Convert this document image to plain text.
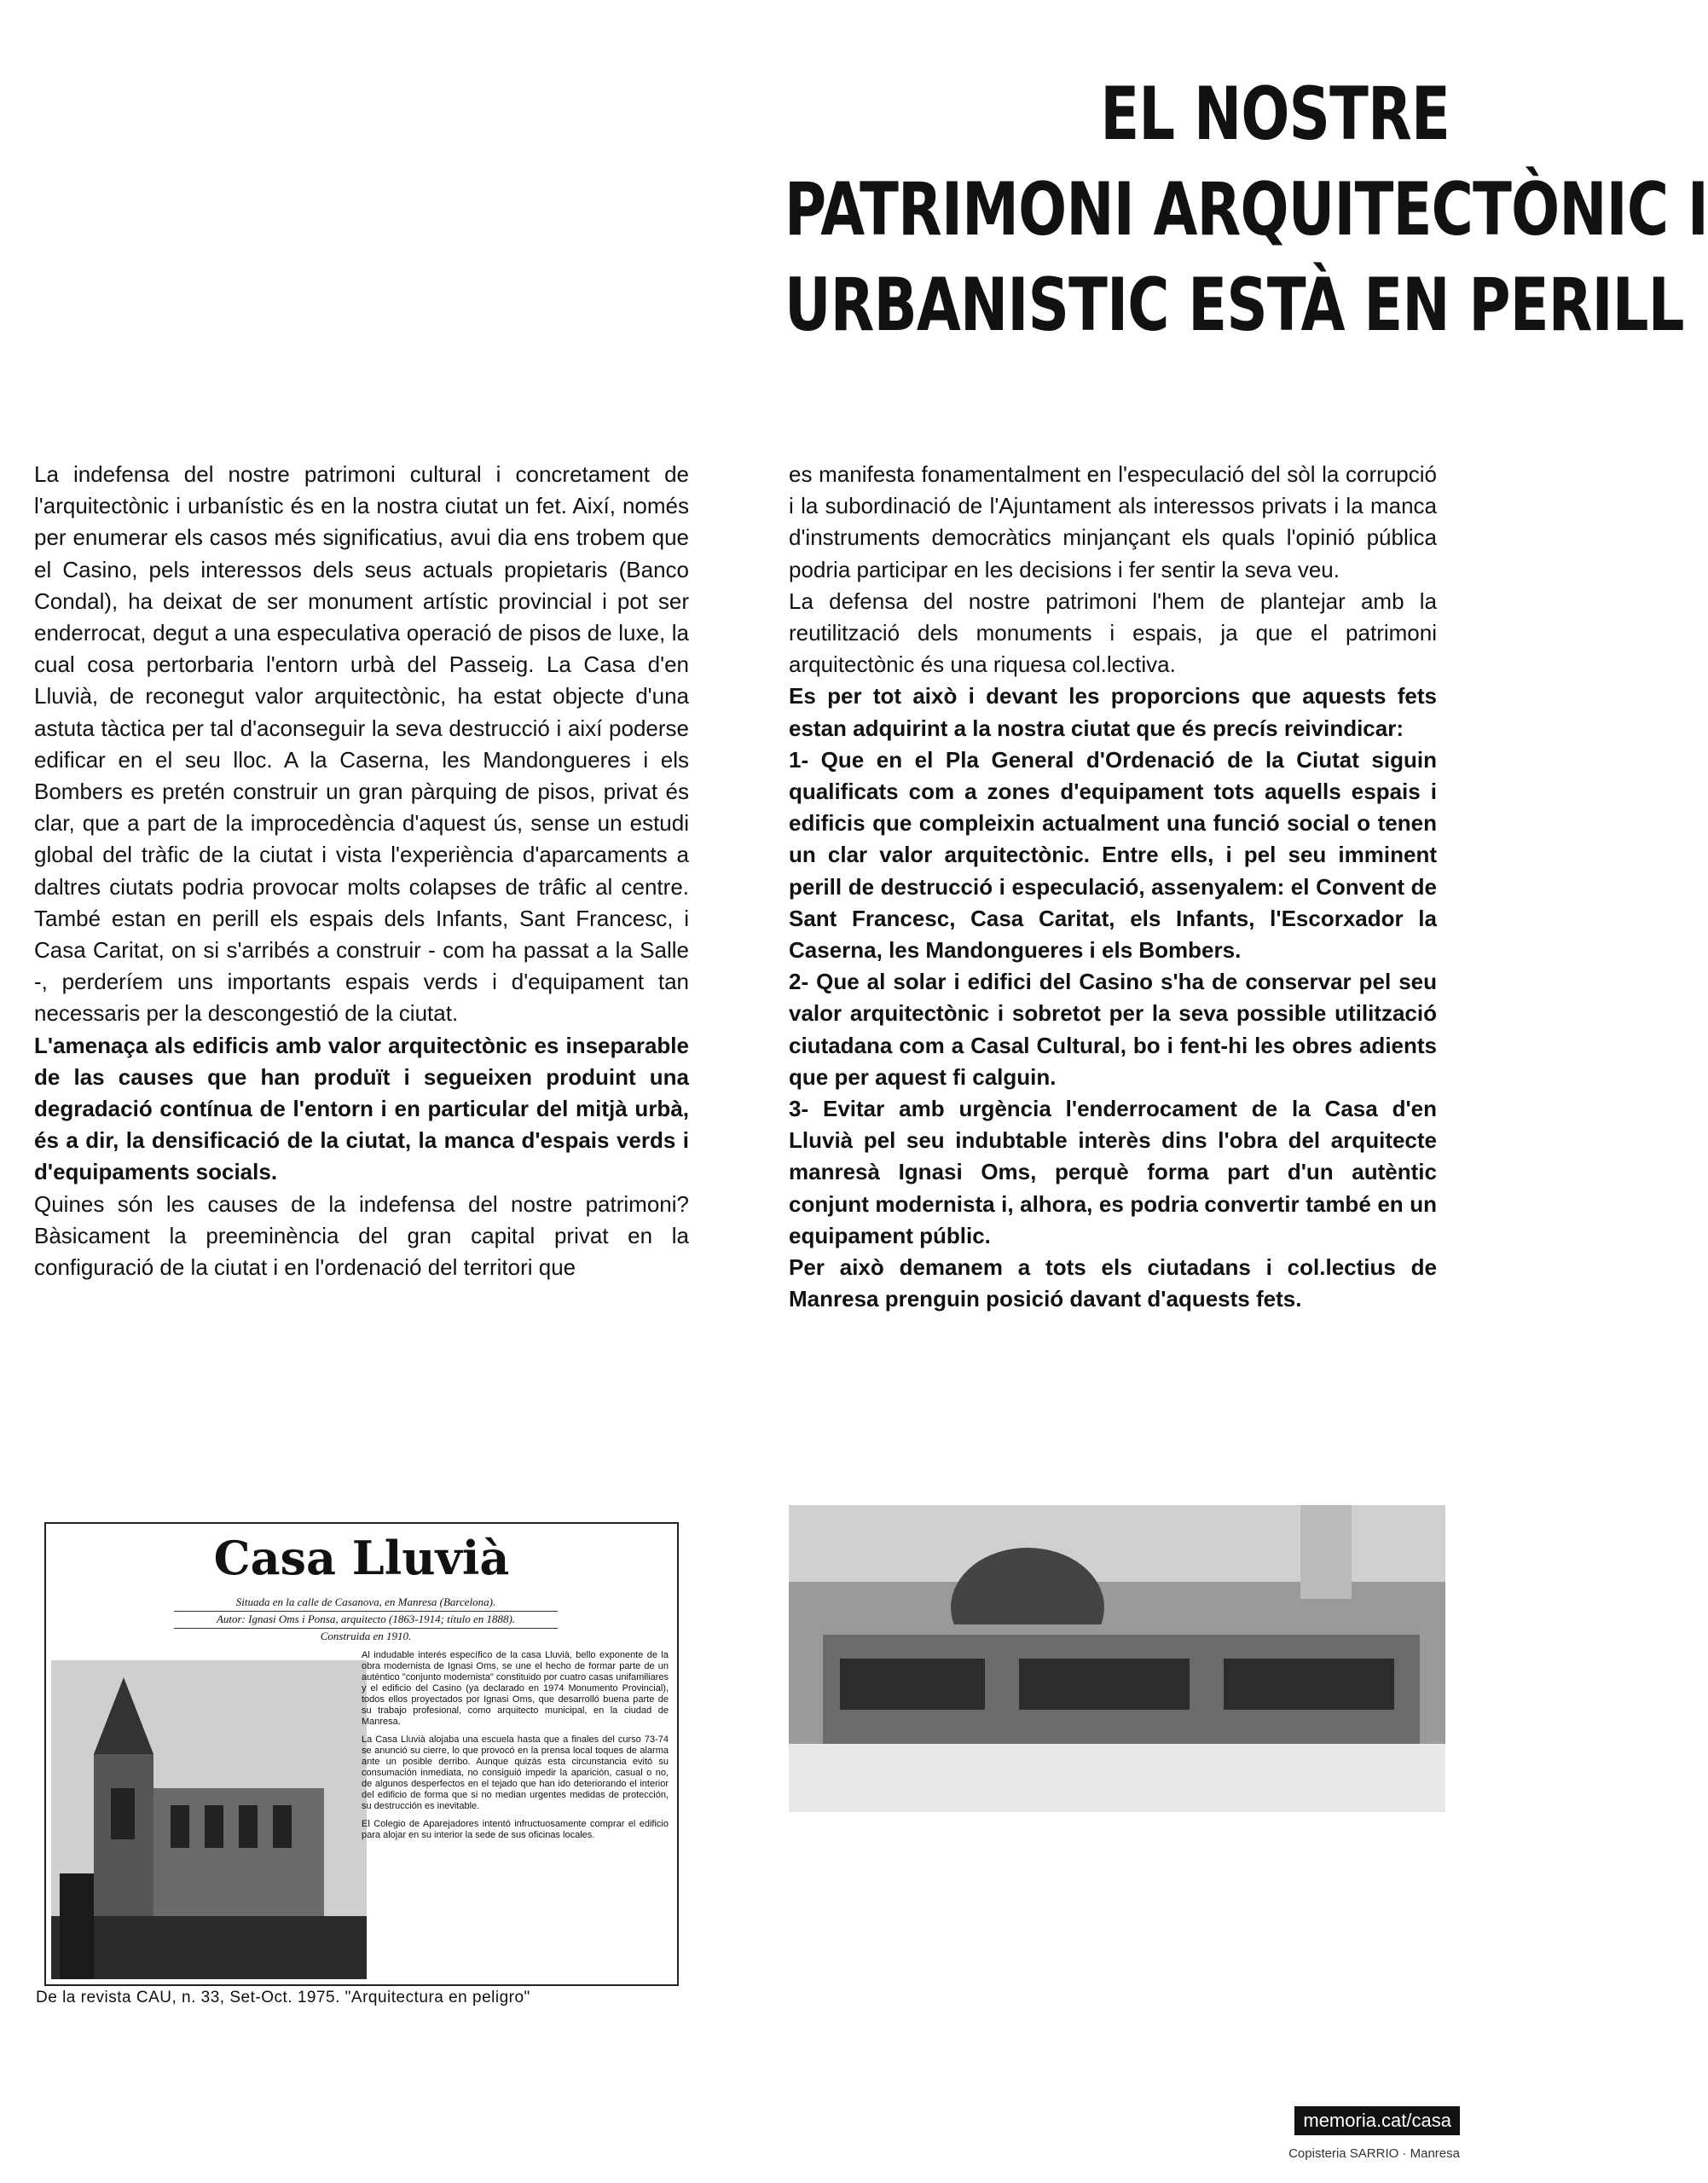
EL NOSTRE
PATRIMONI ARQUITECTÒNIC I
URBANISTIC ESTÀ EN PERILL

La indefensa del nostre patrimoni cultural i concretament de l'arquitectònic i urbanístic és en la nostra ciutat un fet. Així, només per enumerar els casos més significatius, avui dia ens trobem que el Casino, pels interessos dels seus actuals propietaris (Banco Condal), ha deixat de ser monument artístic provincial i pot ser enderrocat, degut a una especulativa operació de pisos de luxe, la cual cosa pertorbaria l'entorn urbà del Passeig. La Casa d'en Lluvià, de reconegut valor arquitectònic, ha estat objecte d'una astuta tàctica per tal d'aconseguir la seva destrucció i així poderse edificar en el seu lloc. A la Caserna, les Mandongueres i els Bombers es pretén construir un gran pàrquing de pisos, privat és clar, que a part de la improcedència d'aquest ús, sense un estudi global del tràfic de la ciutat i vista l'experiència d'aparcaments a daltres ciutats podria provocar molts colapses de trâfic al centre. També estan en perill els espais dels Infants, Sant Francesc, i Casa Caritat, on si s'arribés a construir - com ha passat a la Salle -, perderíem uns importants espais verds i d'equipament tan necessaris per la descongestió de la ciutat.

L'amenaça als edificis amb valor arquitectònic es inseparable de las causes que han produït i segueixen produint una degradació contínua de l'entorn i en particular del mitjà urbà, és a dir, la densificació de la ciutat, la manca d'espais verds i d'equipaments socials.

Quines són les causes de la indefensa del nostre patrimoni? Bàsicament la preeminència del gran capital privat en la configuració de la ciutat i en l'ordenació del territori que

es manifesta fonamentalment en l'especulació del sòl la corrupció i la subordinació de l'Ajuntament als interessos privats i la manca d'instruments democràtics minjançant els quals l'opinió pública podria participar en les decisions i fer sentir la seva veu.

La defensa del nostre patrimoni l'hem de plantejar amb la reutilització dels monuments i espais, ja que el patrimoni arquitectònic és una riquesa col.lectiva.

Es per tot això i devant les proporcions que aquests fets estan adquirint a la nostra ciutat que és precís reivindicar:

1- Que en el Pla General d'Ordenació de la Ciutat siguin qualificats com a zones d'equipament tots aquells espais i edificis que compleixin actualment una funció social o tenen un clar valor arquitectònic. Entre ells, i pel seu imminent perill de destrucció i especulació, assenyalem: el Convent de Sant Francesc, Casa Caritat, els Infants, l'Escorxador la Caserna, les Mandongueres i els Bombers.

2- Que al solar i edifici del Casino s'ha de conservar pel seu valor arquitectònic i sobretot per la seva possible utilització ciutadana com a Casal Cultural, bo i fent-hi les obres adients que per aquest fi calguin.

3- Evitar amb urgència l'enderrocament de la Casa d'en Lluvià pel seu indubtable interès dins l'obra del arquitecte manresà Ignasi Oms, perquè forma part d'un autèntic conjunt modernista i, alhora, es podria convertir també en un equipament públic.

Per això demanem a tots els ciutadans i col.lectius de Manresa prenguin posició davant d'aquests fets.

Casa Lluvià
Situada en la calle de Casanova, en Manresa (Barcelona).
Autor: Ignasi Oms i Ponsa, arquitecto (1863-1914; título en 1888).
Construida en 1910.

Al indudable interés específico de la casa Lluvià, bello exponente de la obra modernista de Ignasi Oms, se une el hecho de formar parte de un auténtico "conjunto modernista" constituido por cuatro casas unifamiliares y el edificio del Casino (ya declarado en 1974 Monumento Provincial), todos ellos proyectados por Ignasi Oms, que desarrolló buena parte de su trabajo profesional, como arquitecto municipal, en la ciudad de Manresa.

La Casa Lluvià alojaba una escuela hasta que a finales del curso 73-74 se anunció su cierre, lo que provocó en la prensa local toques de alarma ante un posible derribo. Aunque quizás esta circunstancia evitó su consumación inmediata, no consiguió impedir la aparición, casual o no, de algunos desperfectos en el tejado que han ido deteriorando el interior del edificio de forma que si no median urgentes medidas de protección, su destrucción es inevitable.

El Colegio de Aparejadores intentó infructuosamente comprar el edificio para alojar en su interior la sede de sus oficinas locales.

De la revista CAU, n. 33, Set-Oct. 1975. "Arquitectura en peligro"
memoria.cat/casa
Copisteria SARRIO · Manresa
